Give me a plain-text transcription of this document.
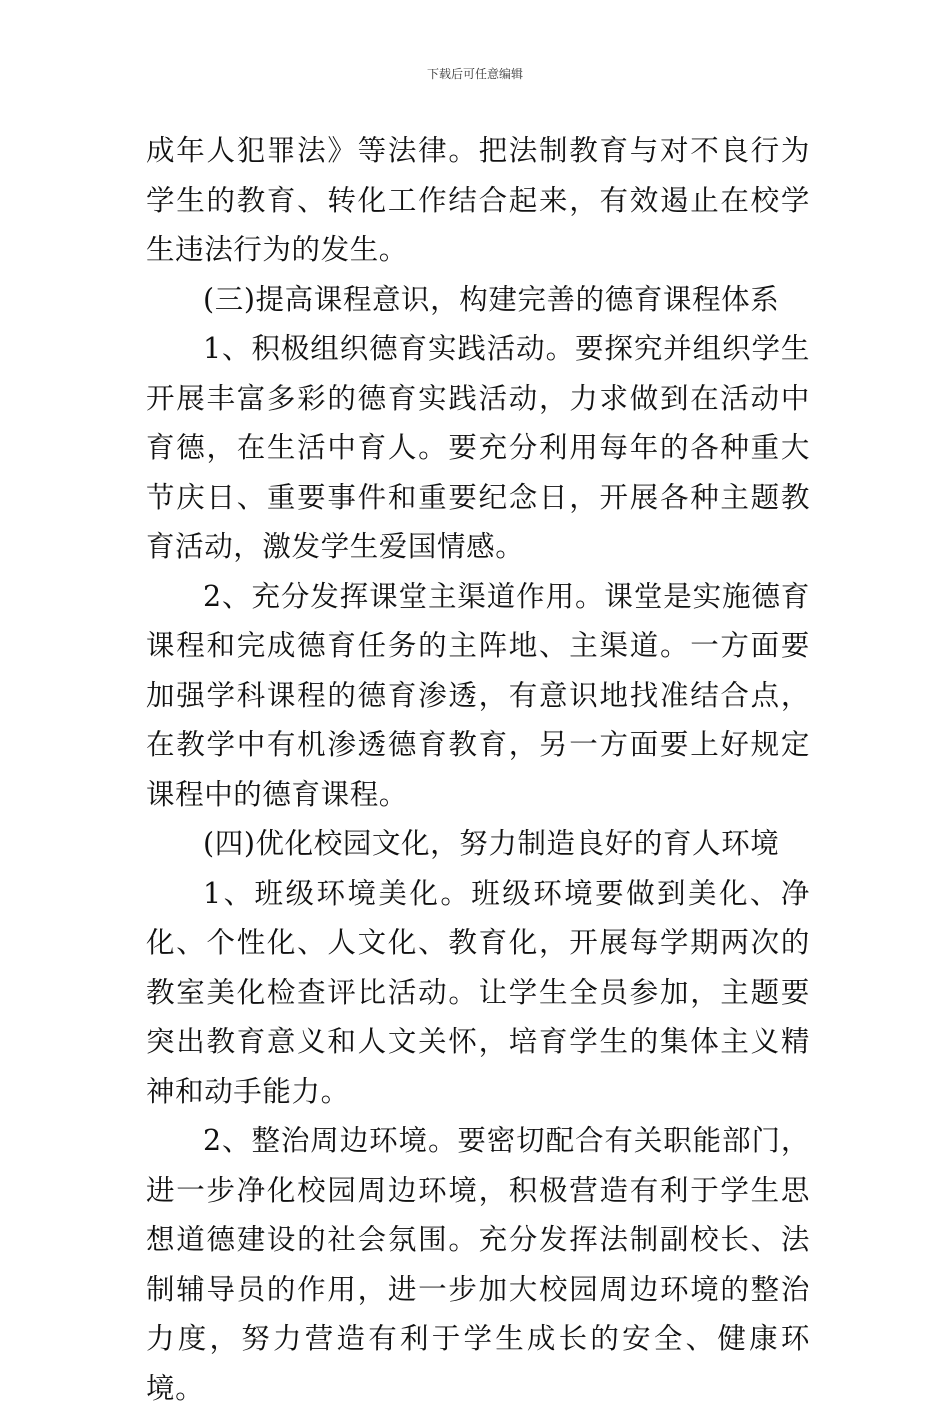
下载后可任意编辑

成年人犯罪法》等法律。把法制教育与对不良行为学生的教育、转化工作结合起来，有效遏止在校学生违法行为的发生。

(三)提高课程意识，构建完善的德育课程体系

1、积极组织德育实践活动。要探究并组织学生开展丰富多彩的德育实践活动，力求做到在活动中育德，在生活中育人。要充分利用每年的各种重大节庆日、重要事件和重要纪念日，开展各种主题教育活动，激发学生爱国情感。

2、充分发挥课堂主渠道作用。课堂是实施德育课程和完成德育任务的主阵地、主渠道。一方面要加强学科课程的德育渗透，有意识地找准结合点，在教学中有机渗透德育教育，另一方面要上好规定课程中的德育课程。

(四)优化校园文化，努力制造良好的育人环境

1、班级环境美化。班级环境要做到美化、净化、个性化、人文化、教育化，开展每学期两次的教室美化检查评比活动。让学生全员参加，主题要突出教育意义和人文关怀，培育学生的集体主义精神和动手能力。

2、整治周边环境。要密切配合有关职能部门，进一步净化校园周边环境，积极营造有利于学生思想道德建设的社会氛围。充分发挥法制副校长、法制辅导员的作用，进一步加大校园周边环境的整治力度，努力营造有利于学生成长的安全、健康环境。
